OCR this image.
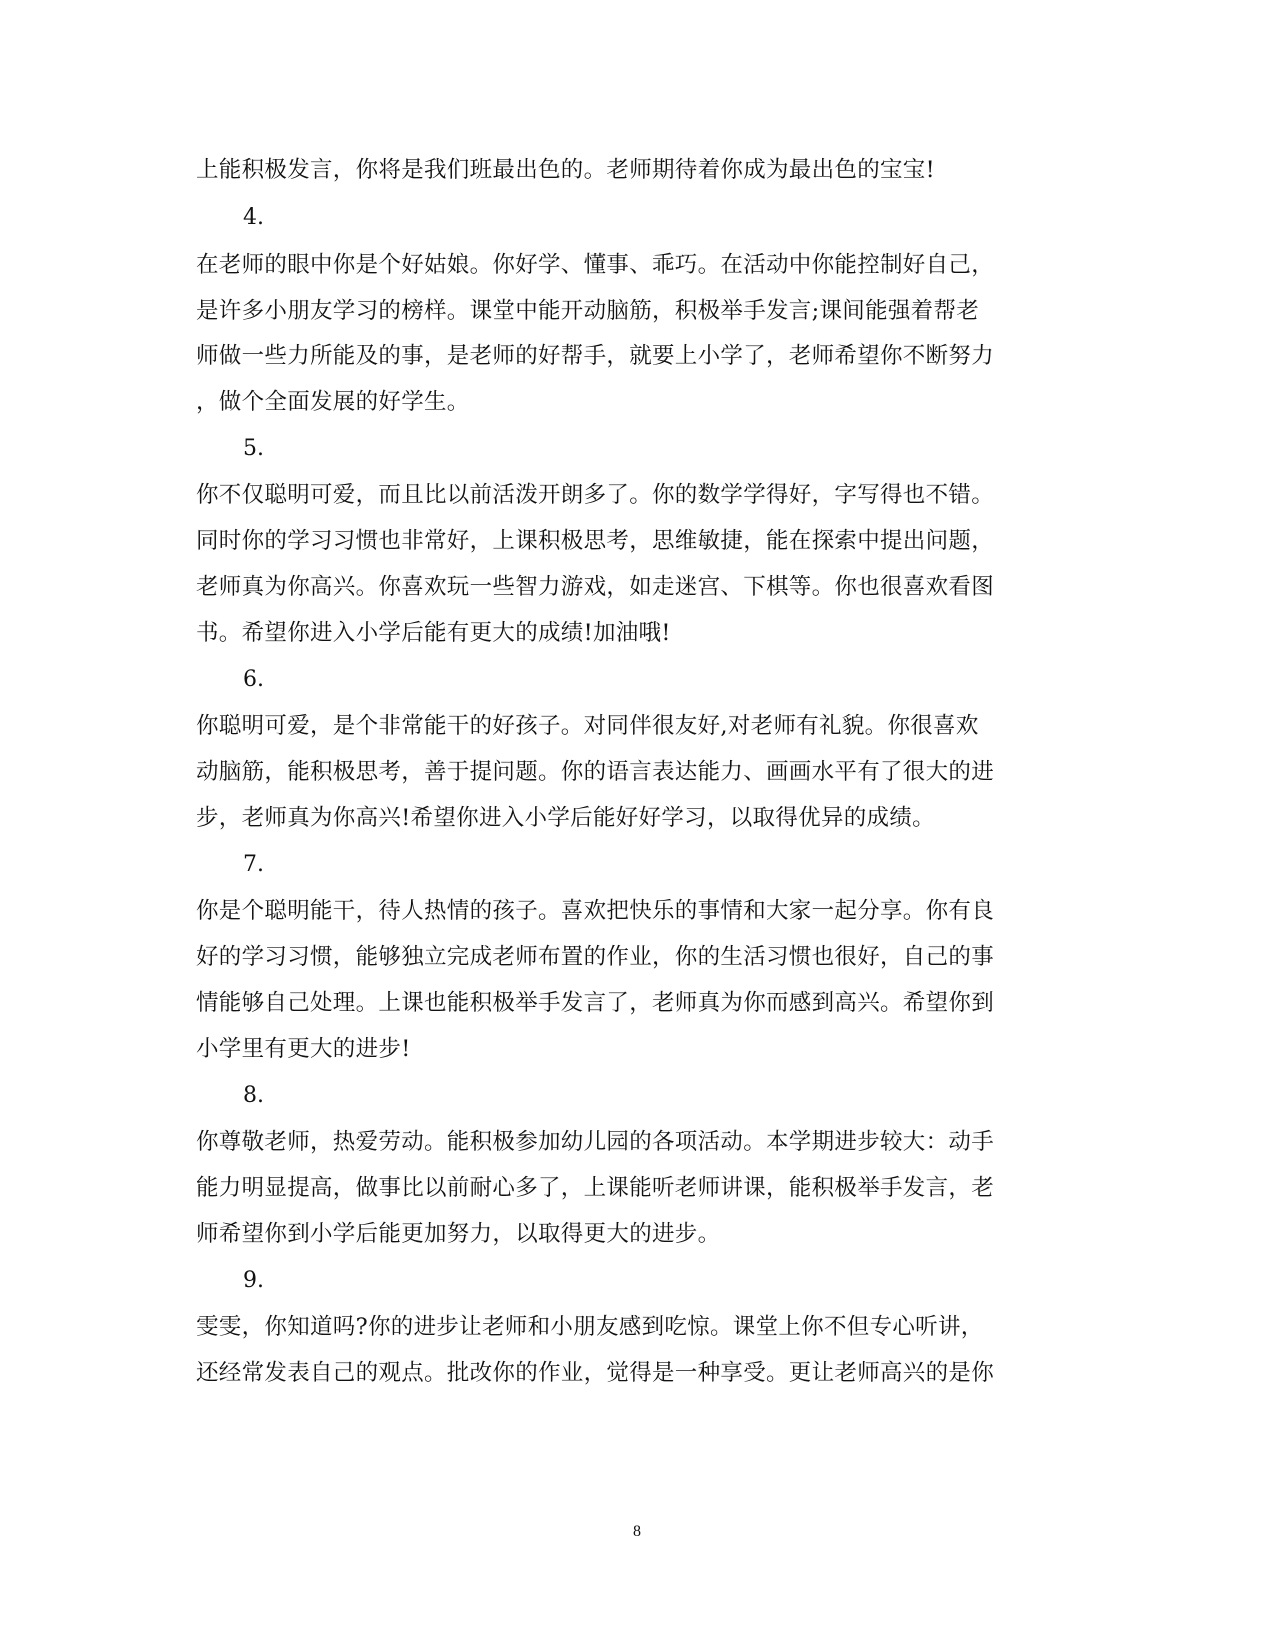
上能积极发言，你将是我们班最出色的。老师期待着你成为最出色的宝宝!
4.
在老师的眼中你是个好姑娘。你好学、懂事、乖巧。在活动中你能控制好自己，
是许多小朋友学习的榜样。课堂中能开动脑筋，积极举手发言;课间能强着帮老
师做一些力所能及的事，是老师的好帮手，就要上小学了，老师希望你不断努力
，做个全面发展的好学生。
5.
你不仅聪明可爱，而且比以前活泼开朗多了。你的数学学得好，字写得也不错。
同时你的学习习惯也非常好，上课积极思考，思维敏捷，能在探索中提出问题，
老师真为你高兴。你喜欢玩一些智力游戏，如走迷宫、下棋等。你也很喜欢看图
书。希望你进入小学后能有更大的成绩!加油哦!
6.
你聪明可爱，是个非常能干的好孩子。对同伴很友好,对老师有礼貌。你很喜欢
动脑筋，能积极思考，善于提问题。你的语言表达能力、画画水平有了很大的进
步，老师真为你高兴!希望你进入小学后能好好学习，以取得优异的成绩。
7.
你是个聪明能干，待人热情的孩子。喜欢把快乐的事情和大家一起分享。你有良
好的学习习惯，能够独立完成老师布置的作业，你的生活习惯也很好，自己的事
情能够自己处理。上课也能积极举手发言了，老师真为你而感到高兴。希望你到
小学里有更大的进步!
8.
你尊敬老师，热爱劳动。能积极参加幼儿园的各项活动。本学期进步较大：动手
能力明显提高，做事比以前耐心多了，上课能听老师讲课，能积极举手发言，老
师希望你到小学后能更加努力，以取得更大的进步。
9.
雯雯，你知道吗?你的进步让老师和小朋友感到吃惊。课堂上你不但专心听讲，
还经常发表自己的观点。批改你的作业，觉得是一种享受。更让老师高兴的是你
8
